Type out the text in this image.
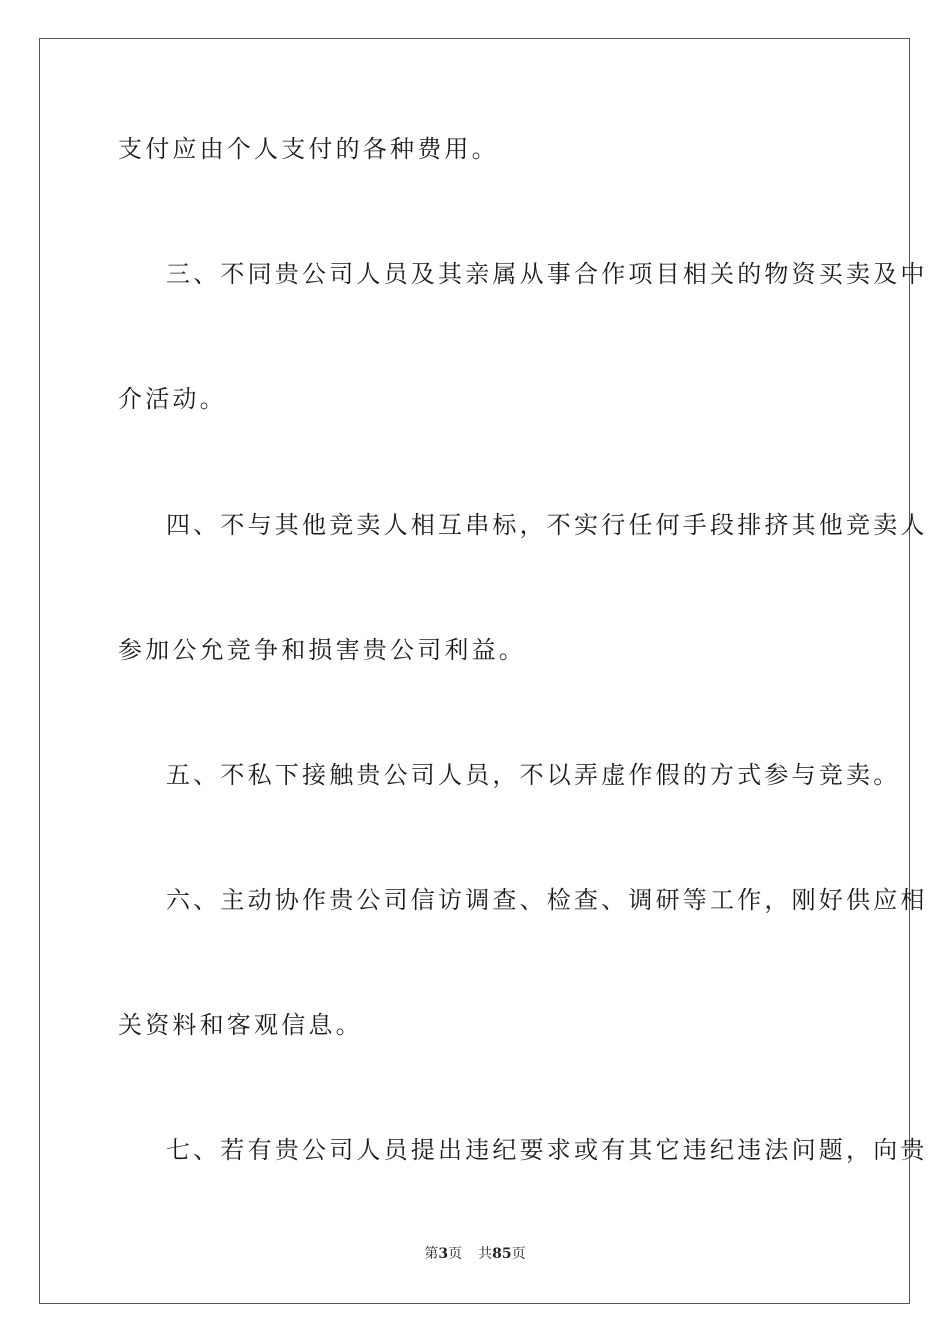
支付应由个人支付的各种费用。
三、不同贵公司人员及其亲属从事合作项目相关的物资买卖及中
介活动。
四、不与其他竞卖人相互串标，不实行任何手段排挤其他竞卖人
参加公允竞争和损害贵公司利益。
五、不私下接触贵公司人员，不以弄虚作假的方式参与竞卖。
六、主动协作贵公司信访调查、检查、调研等工作，刚好供应相
关资料和客观信息。
七、若有贵公司人员提出违纪要求或有其它违纪违法问题，向贵
第3页 共85页
